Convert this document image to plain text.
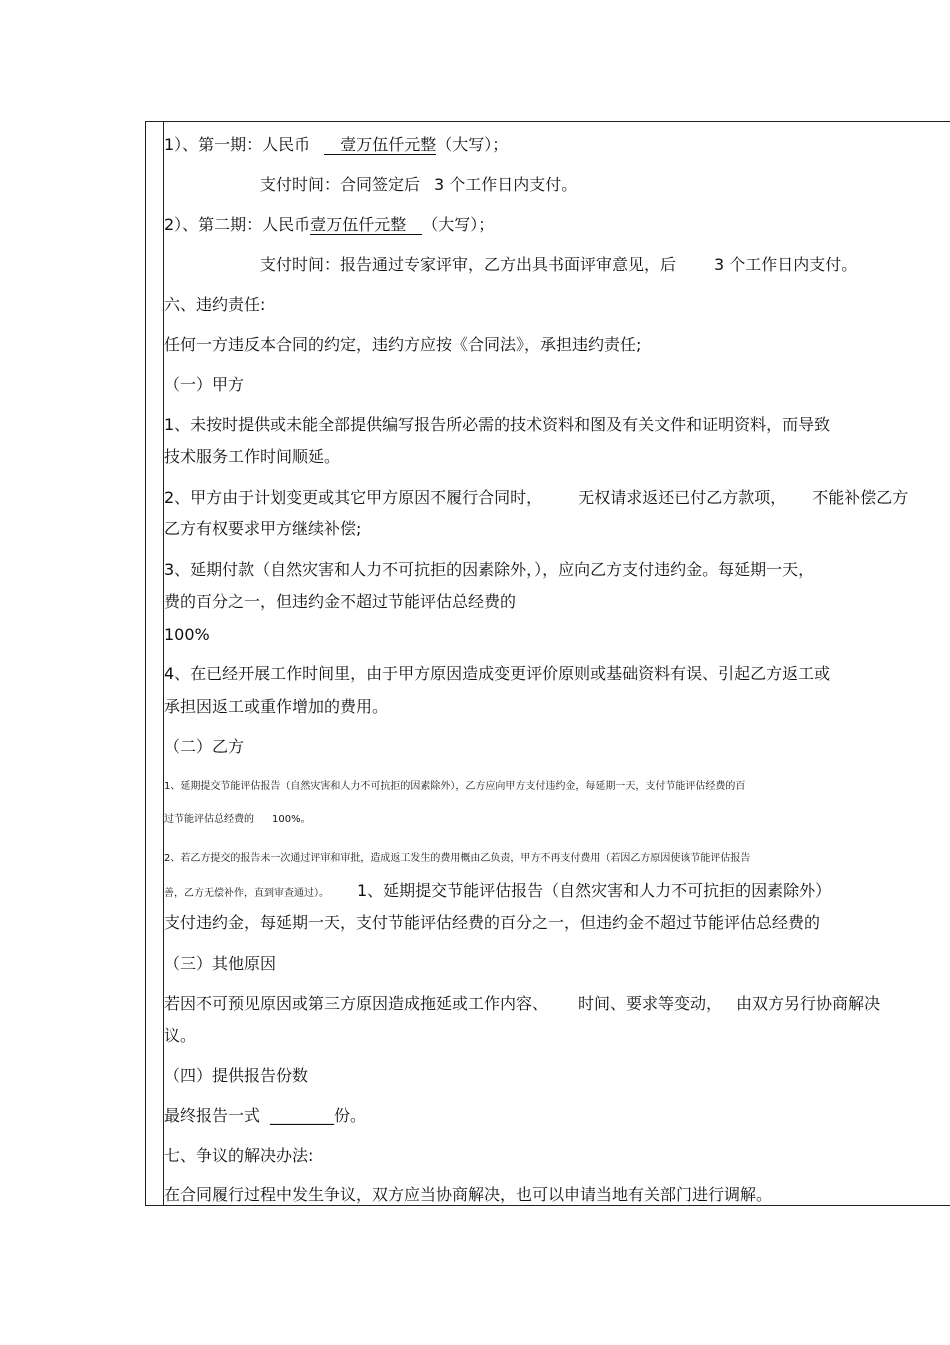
1）、第一期：人民币 壹万伍仟元整（大写）；
支付时间：合同签定后 3 个工作日内支付。
2）、第二期：人民币壹万伍仟元整 （大写）；
支付时间：报告通过专家评审，乙方出具书面评审意见，后 3 个工作日内支付。
六、违约责任:
任何一方违反本合同的约定，违约方应按《合同法》，承担违约责任;
（一）甲方
1、未按时提供或未能全部提供编写报告所必需的技术资料和图及有关文件和证明资料，而导致
技术服务工作时间顺延。
2、甲方由于计划变更或其它甲方原因不履行合同时， 无权请求返还已付乙方款项， 不能补偿乙方
乙方有权要求甲方继续补偿;
3、延期付款（自然灾害和人力不可抗拒的因素除外，），应向乙方支付违约金。每延期一天，
费的百分之一，但违约金不超过节能评估总经费的
100%
4、在已经开展工作时间里，由于甲方原因造成变更评价原则或基础资料有误、引起乙方返工或
承担因返工或重作增加的费用。
（二）乙方
1、延期提交节能评估报告（自然灾害和人力不可抗拒的因素除外），乙方应向甲方支付违约金，每延期一天，支付节能评估经费的百
过节能评估总经费的 100%。
2、若乙方提交的报告未一次通过评审和审批，造成返工发生的费用概由乙负责，甲方不再支付费用（若因乙方原因使该节能评估报告
善，乙方无偿补作，直到审查通过）。 1、延期提交节能评估报告（自然灾害和人力不可抗拒的因素除外）
支付违约金，每延期一天，支付节能评估经费的百分之一，但违约金不超过节能评估总经费的
（三）其他原因
若因不可预见原因或第三方原因造成拖延或工作内容、 时间、要求等变动， 由双方另行协商解决
议。
（四）提供报告份数
最终报告一式 ________份。
七、争议的解决办法:
在合同履行过程中发生争议，双方应当协商解决，也可以申请当地有关部门进行调解。
